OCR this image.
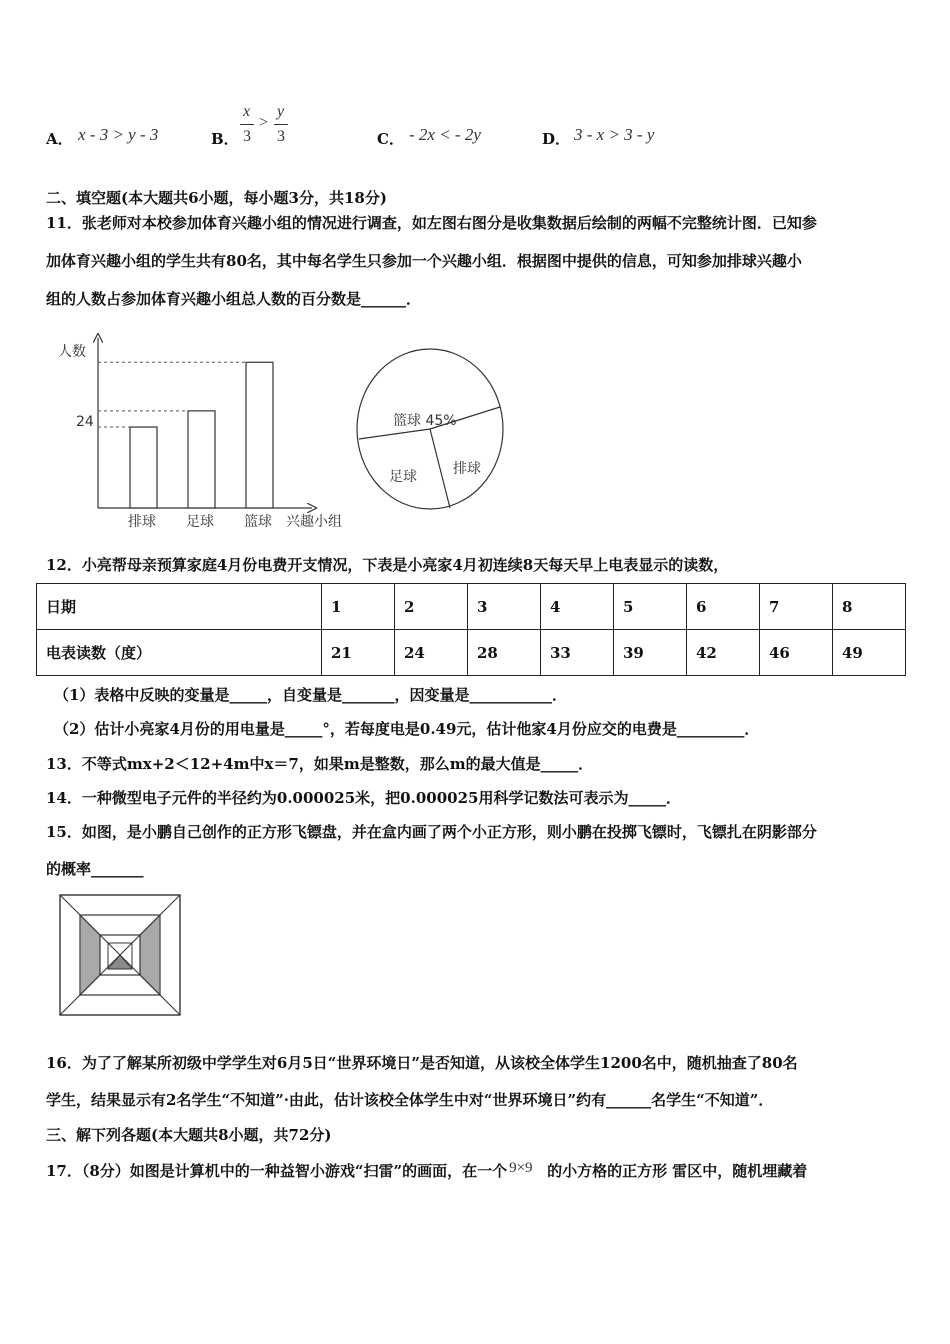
A． x - 3 > y - 3	B．
x
3
>
y
3	C． - 2x < - 2y	D． 3 - x > 3 - y
二、填空题(本大题共6小题，每小题3分，共18分)
11．张老师对本校参加体育兴趣小组的情况进行调查，如左图右图分是收集数据后绘制的两幅不完整统计图．已知参
加体育兴趣小组的学生共有80名，其中每名学生只参加一个兴趣小组．根据图中提供的信息，可知参加排球兴趣小
组的人数占参加体育兴趣小组总人数的百分数是______．
人数
24
兴趣小组
排球 足球 篮球
篮球 45%
排球
足球
12．小亮帮母亲预算家庭4月份电费开支情况，下表是小亮家4月初连续8天每天早上电表显示的读数，
日期	1	2	3	4	5	6	7	8
电表读数（度）	21	24	28	33	39	42	46	49
（1）表格中反映的变量是_____，自变量是_______，因变量是___________．
（2）估计小亮家4月份的用电量是_____°，若每度电是0.49元，估计他家4月份应交的电费是_________．
13．不等式mx+2＜12+4m中x＝7，如果m是整数，那么m的最大值是_____．
14．一种微型电子元件的半径约为0.000025米，把0.000025用科学记数法可表示为_____．
15．如图，是小鹏自己创作的正方形飞镖盘，并在盒内画了两个小正方形，则小鹏在投掷飞镖时，飞镖扎在阴影部分
的概率_______
16．为了了解某所初级中学学生对6月5日“世界环境日”是否知道，从该校全体学生1200名中，随机抽查了80名
学生，结果显示有2名学生“不知道”·由此，估计该校全体学生中对“世界环境日”约有______名学生“不知道”．
三、解下列各题(本大题共8小题，共72分)
17．（8分）如图是计算机中的一种益智小游戏“扫雷”的画面，在一个 9×9 的小方格的正方形 雷区中，随机埋藏着
